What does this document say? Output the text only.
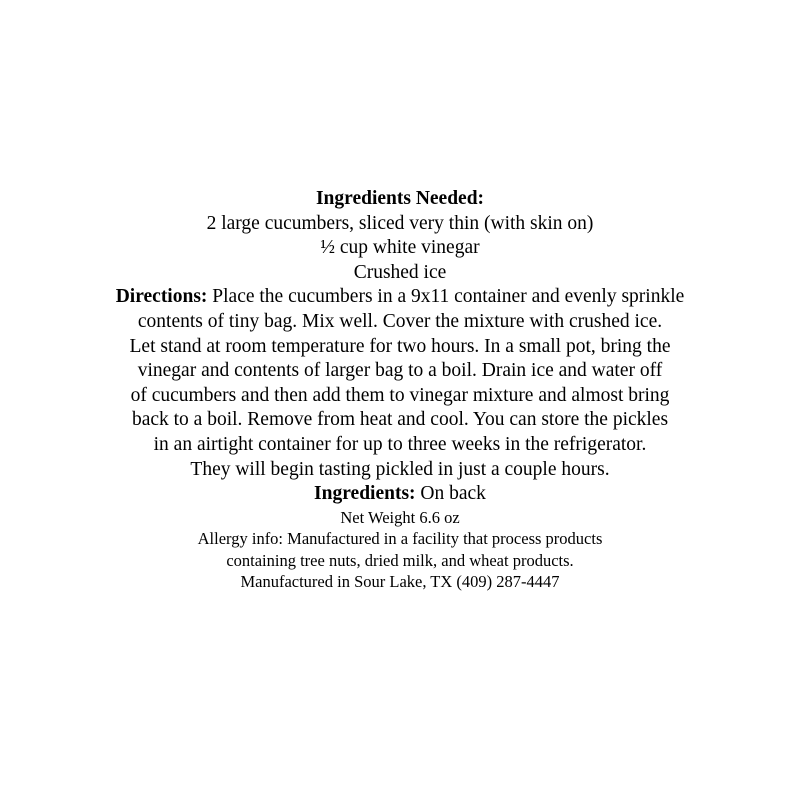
Ingredients Needed:
2 large cucumbers, sliced very thin (with skin on)
½ cup white vinegar
Crushed ice
Directions: Place the cucumbers in a 9x11 container and evenly sprinkle
contents of tiny bag. Mix well. Cover the mixture with crushed ice.
Let stand at room temperature for two hours. In a small pot, bring the
vinegar and contents of larger bag to a boil. Drain ice and water off
of cucumbers and then add them to vinegar mixture and almost bring
back to a boil. Remove from heat and cool. You can store the pickles
in an airtight container for up to three weeks in the refrigerator.
They will begin tasting pickled in just a couple hours.
Ingredients: On back
Net Weight 6.6 oz
Allergy info: Manufactured in a facility that process products
containing tree nuts, dried milk, and wheat products.
Manufactured in Sour Lake, TX (409) 287-4447
